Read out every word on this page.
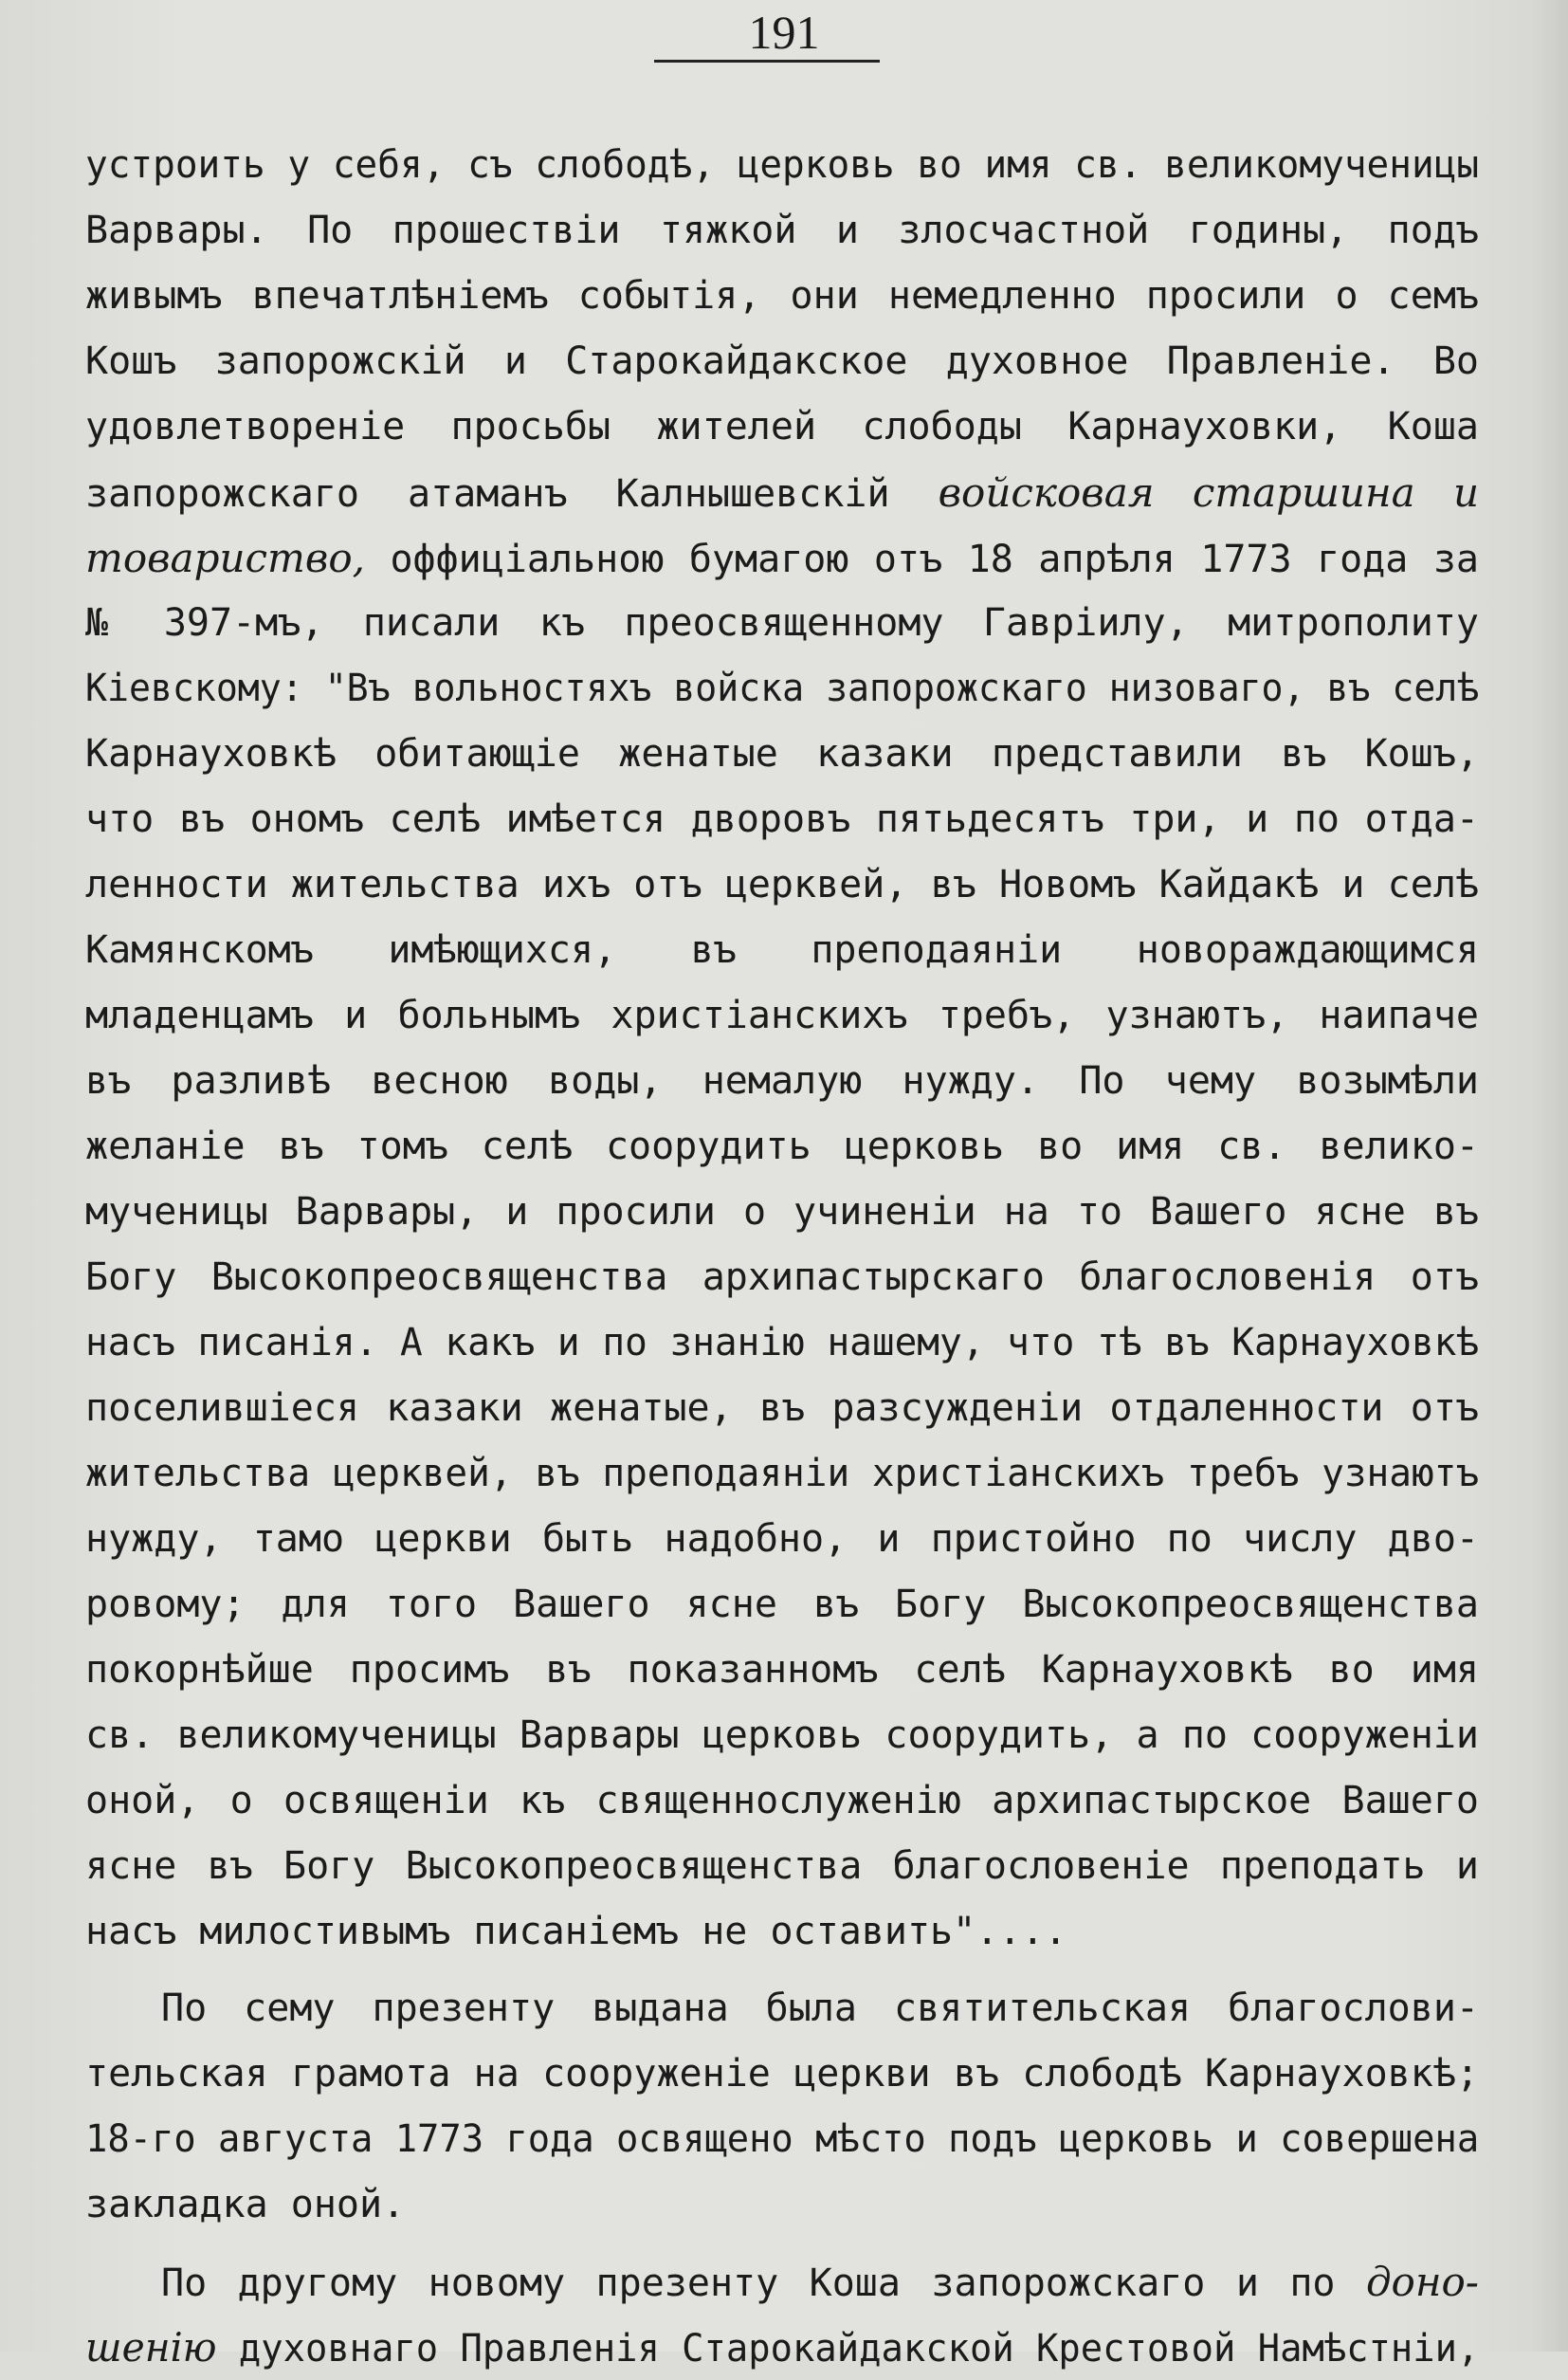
191
устроить у себя, съ слободѣ, церковь во имя св. великомученицы
Варвары. По прошествіи тяжкой и злосчастной годины, подъ
живымъ впечатлѣніемъ событія, они немедленно просили о семъ
Кошъ запорожскій и Старокайдакское духовное Правленіе. Во
удовлетвореніе просьбы жителей слободы Карнауховки, Коша
запорожскаго атаманъ Калнышевскій войсковая старшина и
товариство, оффиціальною бумагою отъ 18 апрѣля 1773 года за
№ 397-мъ, писали къ преосвященному Гавріилу, митрополиту
Кіевскому: "Въ вольностяхъ войска запорожскаго низоваго, въ селѣ
Карнауховкѣ обитающіе женатые казаки представили въ Кошъ,
что въ ономъ селѣ имѣется дворовъ пятьдесятъ три, и по отда-
ленности жительства ихъ отъ церквей, въ Новомъ Кайдакѣ и селѣ
Камянскомъ имѣющихся, въ преподаяніи новораждающимся
младенцамъ и больнымъ христіанскихъ требъ, узнаютъ, наипаче
въ разливѣ весною воды, немалую нужду. По чему возымѣли
желаніе въ томъ селѣ соорудить церковь во имя св. велико-
мученицы Варвары, и просили о учиненіи на то Вашего ясне въ
Богу Высокопреосвященства архипастырскаго благословенія отъ
насъ писанія. А какъ и по знанію нашему, что тѣ въ Карнауховкѣ
поселившіеся казаки женатые, въ разсужденіи отдаленности отъ
жительства церквей, въ преподаяніи христіанскихъ требъ узнаютъ
нужду, тамо церкви быть надобно, и пристойно по числу дво-
ровому; для того Вашего ясне въ Богу Высокопреосвященства
покорнѣйше просимъ въ показанномъ селѣ Карнауховкѣ во имя
св. великомученицы Варвары церковь соорудить, а по сооруженіи
оной, о освященіи къ священнослуженію архипастырское Вашего
ясне въ Богу Высокопреосвященства благословеніе преподать и
насъ милостивымъ писаніемъ не оставить"....
По сему презенту выдана была святительская благослови-
тельская грамота на сооруженіе церкви въ слободѣ Карнауховкѣ;
18-го августа 1773 года освящено мѣсто подъ церковь и совершена
закладка оной.
По другому новому презенту Коша запорожскаго и по доно-
шенію духовнаго Правленія Старокайдакской Крестовой Намѣстніи,
